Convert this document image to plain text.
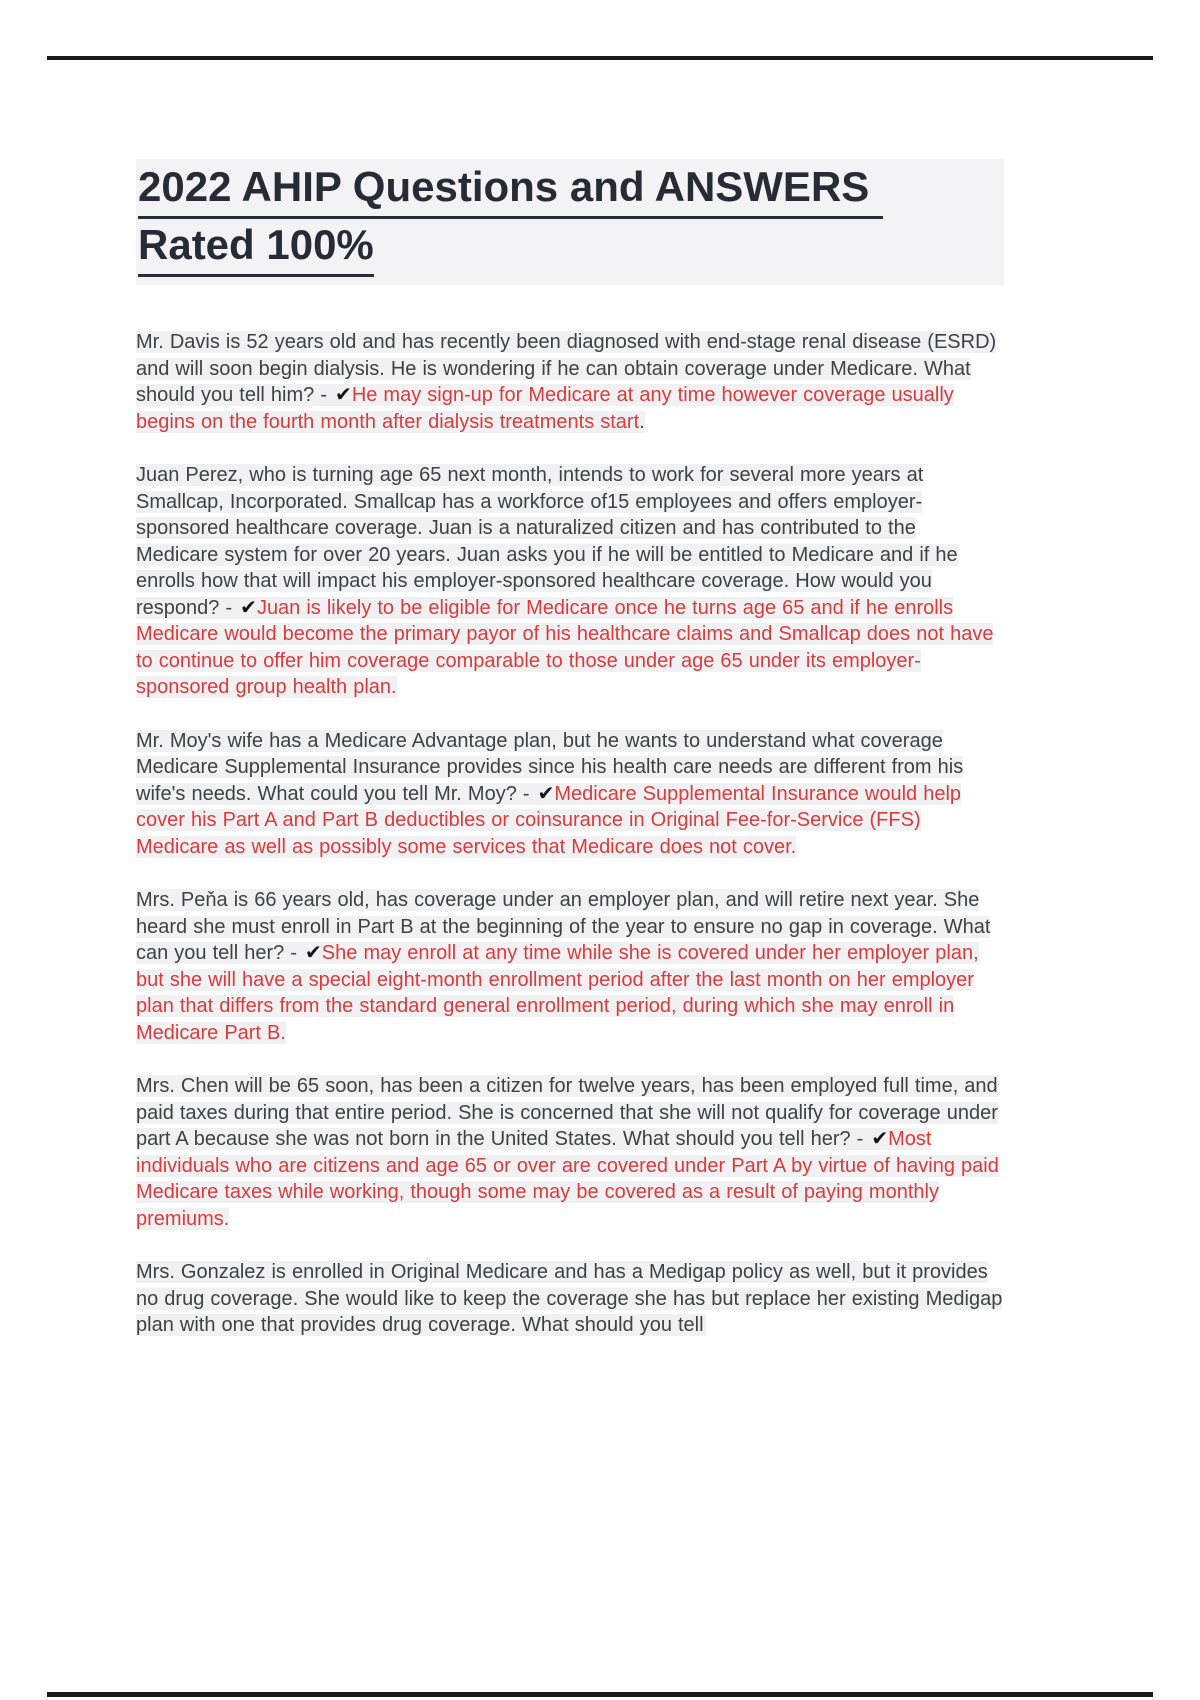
2022 AHIP Questions and ANSWERS
Rated 100%

Mr. Davis is 52 years old and has recently been diagnosed with end-stage renal disease (ESRD) and will soon begin dialysis. He is wondering if he can obtain coverage under Medicare. What should you tell him? - ✔He may sign-up for Medicare at any time however coverage usually begins on the fourth month after dialysis treatments start.

Juan Perez, who is turning age 65 next month, intends to work for several more years at Smallcap, Incorporated. Smallcap has a workforce of15 employees and offers employer-sponsored healthcare coverage. Juan is a naturalized citizen and has contributed to the Medicare system for over 20 years. Juan asks you if he will be entitled to Medicare and if he enrolls how that will impact his employer-sponsored healthcare coverage. How would you respond? - ✔Juan is likely to be eligible for Medicare once he turns age 65 and if he enrolls Medicare would become the primary payor of his healthcare claims and Smallcap does not have to continue to offer him coverage comparable to those under age 65 under its employer-sponsored group health plan.

Mr. Moy's wife has a Medicare Advantage plan, but he wants to understand what coverage Medicare Supplemental Insurance provides since his health care needs are different from his wife's needs. What could you tell Mr. Moy? - ✔Medicare Supplemental Insurance would help cover his Part A and Part B deductibles or coinsurance in Original Fee-for-Service (FFS) Medicare as well as possibly some services that Medicare does not cover.

Mrs. Peňa is 66 years old, has coverage under an employer plan, and will retire next year. She heard she must enroll in Part B at the beginning of the year to ensure no gap in coverage. What can you tell her? - ✔She may enroll at any time while she is covered under her employer plan, but she will have a special eight-month enrollment period after the last month on her employer plan that differs from the standard general enrollment period, during which she may enroll in Medicare Part B.

Mrs. Chen will be 65 soon, has been a citizen for twelve years, has been employed full time, and paid taxes during that entire period. She is concerned that she will not qualify for coverage under part A because she was not born in the United States. What should you tell her? - ✔Most individuals who are citizens and age 65 or over are covered under Part A by virtue of having paid Medicare taxes while working, though some may be covered as a result of paying monthly premiums.

Mrs. Gonzalez is enrolled in Original Medicare and has a Medigap policy as well, but it provides no drug coverage. She would like to keep the coverage she has but replace her existing Medigap plan with one that provides drug coverage. What should you tell
